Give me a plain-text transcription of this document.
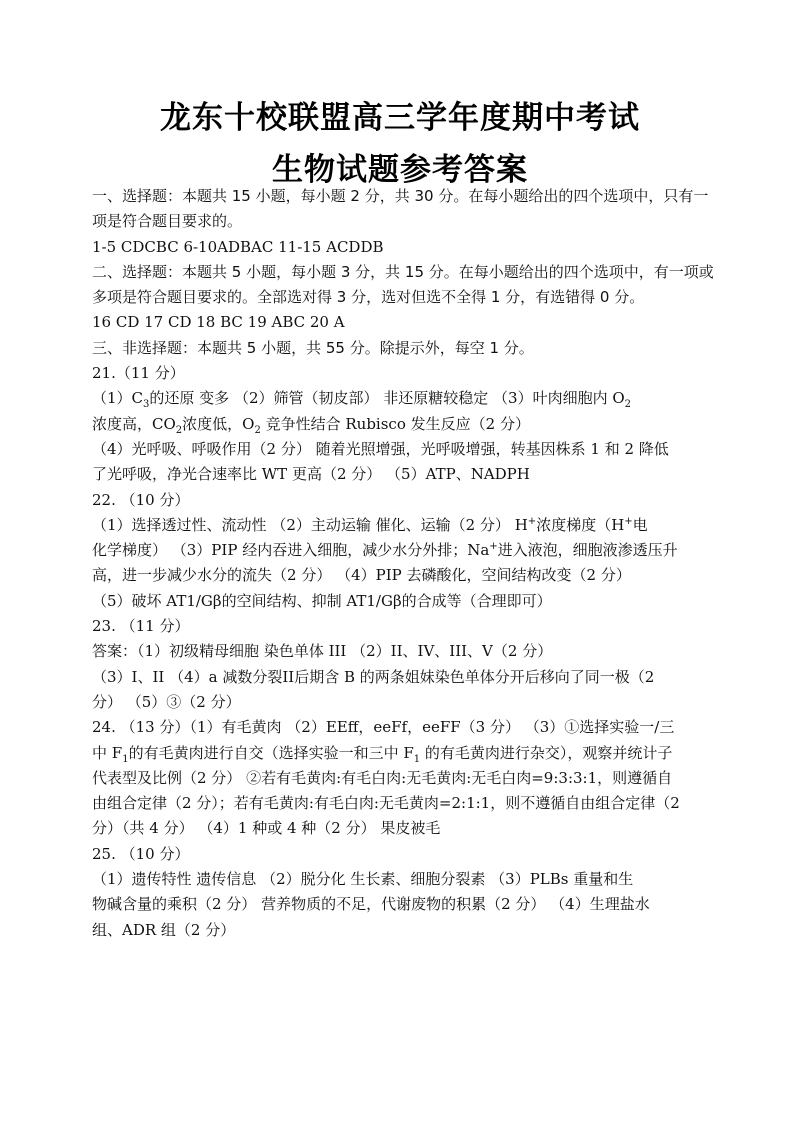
龙东十校联盟高三学年度期中考试
生物试题参考答案
一、选择题：本题共 15 小题，每小题 2 分，共 30 分。在每小题给出的四个选项中，只有一
项是符合题目要求的。
1-5 CDCBC 6-10ADBAC 11-15 ACDDB
二、选择题：本题共 5 小题，每小题 3 分，共 15 分。在每小题给出的四个选项中，有一项或
多项是符合题目要求的。全部选对得 3 分，选对但选不全得 1 分，有选错得 0 分。
16 CD 17 CD 18 BC 19 ABC 20 A
三、非选择题：本题共 5 小题，共 55 分。除提示外，每空 1 分。
21.（11 分）
$(1)C_3$的还原 变多 （2）筛管（韧皮部） 非还原糖较稳定 （3）叶肉细胞内 $O_2$
浓度高，$CO_2$浓度低，$O_2$ 竞争性结合 Rubisco 发生反应（2 分）
（4）光呼吸、呼吸作用（2 分） 随着光照增强，光呼吸增强，转基因株系 1 和 2 降低
了光呼吸，净光合速率比 WT 更高（2 分） （5）ATP、NADPH
22. （10 分）
（1）选择透过性、流动性 （2）主动运输 催化、运输（2 分） H+浓度梯度（H+电
化学梯度） （3）PIP 经内吞进入细胞，减少水分外排；Na+进入液泡，细胞液渗透压升
高，进一步减少水分的流失（2 分） （4）PIP 去磷酸化，空间结构改变（2 分）
（5）破坏 AT1/Gβ的空间结构、抑制 AT1/Gβ的合成等（合理即可）
23. （11 分）
答案：（1）初级精母细胞 染色单体 III （2）II、IV、III、V（2 分）
（3）I、II （4）a 减数分裂II后期含 B 的两条姐妹染色单体分开后移向了同一极（2
分） （5）③（2 分）
24. （13 分）（1）有毛黄肉 （2）EEff，eeFf，eeFF（3 分） （3）①选择实验一/三
中 $F_1$的有毛黄肉进行自交（选择实验一和三中 $F_1$ 的有毛黄肉进行杂交），观察并统计子
代表型及比例（2 分） ②若有毛黄肉:有毛白肉:无毛黄肉:无毛白肉=9:3:3:1，则遵循自
由组合定律（2 分）；若有毛黄肉:有毛白肉:无毛黄肉=2:1:1，则不遵循自由组合定律（2
分）（共 4 分） （4）1 种或 4 种（2 分） 果皮被毛
25. （10 分）
（1）遗传特性 遗传信息 （2）脱分化 生长素、细胞分裂素 （3）PLBs 重量和生
物碱含量的乘积（2 分） 营养物质的不足，代谢废物的积累（2 分） （4）生理盐水
组、ADR 组（2 分）
